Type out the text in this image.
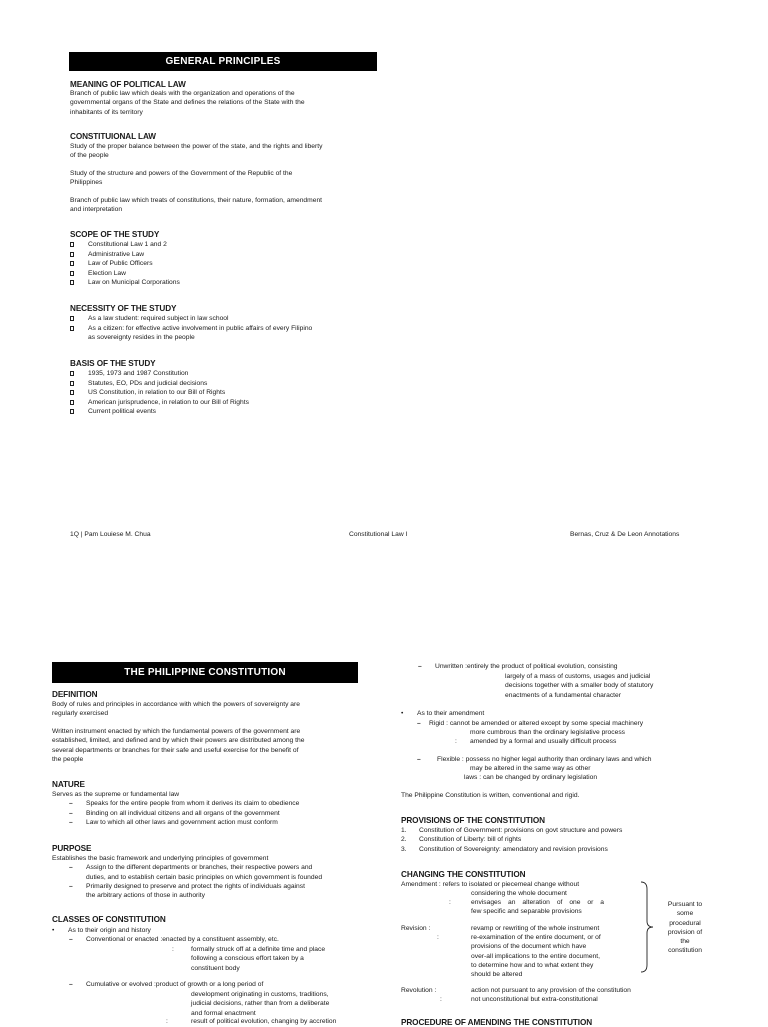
GENERAL PRINCIPLES
MEANING OF POLITICAL LAW
Branch of public law which deals with the organization and operations of the
governmental organs of the State and defines the relations of the State with the
inhabitants of its territory
CONSTITUIONAL LAW
Study of the proper balance between the power of the state, and the rights and liberty
of the people
Study of the structure and powers of the Government of the Republic of the
Philippines
Branch of public law which treats of constitutions, their nature, formation, amendment
and interpretation
SCOPE OF THE STUDY
Constitutional Law 1 and 2
Administrative Law
Law of Public Officers
Election Law
Law on Municipal Corporations
NECESSITY OF THE STUDY
As a law student: required subject in law school
As a citizen: for effective active involvement in public affairs of every Filipino
as sovereignty resides in the people
BASIS OF THE STUDY
1935, 1973 and 1987 Constitution
Statutes, EO, PDs and judicial decisions
US Constitution, in relation to our Bill of Rights
American jurisprudence, in relation to our Bill of Rights
Current political events
1Q | Pam Louiese M. Chua	Constitutional Law I	Bernas, Cruz & De Leon Annotations
THE PHILIPPINE CONSTITUTION
DEFINITION
Body of rules and principles in accordance with which the powers of sovereignty are
regularly exercised
Written instrument enacted by which the fundamental powers of the government are
established, limited, and defined and by which their powers are distributed among the
several departments or branches for their safe and useful exercise for the benefit of
the people
NATURE
Serves as the supreme or fundamental law
– Speaks for the entire people from whom it derives its claim to obedience
– Binding on all individual citizens and all organs of the government
– Law to which all other laws and government action must conform
PURPOSE
Establishes the basic framework and underlying principles of government
– Assign to the different departments or branches, their respective powers and
duties, and to establish certain basic principles on which government is founded
– Primarily designed to preserve and protect the rights of individuals against
the arbitrary actions of those in authority
CLASSES OF CONSTITUTION
• As to their origin and history
– Conventional or enacted :enacted by a constituent assembly, etc.
:	formally struck off at a definite time and place
following a conscious effort taken by a
constituent body
– Cumulative or evolved :product of growth or a long period of
development originating in customs, traditions,
judicial decisions, rather than from a deliberate
and formal enactment
:	result of political evolution, changing by accretion
– Unwritten :entirely the product of political evolution, consisting
largely of a mass of customs, usages and judicial
decisions together with a smaller body of statutory
enactments of a fundamental character
• As to their amendment
– Rigid : cannot be amended or altered except by some special machinery
more cumbrous than the ordinary legislative process
: amended by a formal and usually difficult process
– Flexible : possess no higher legal authority than ordinary laws and which
may be altered in the same way as other
laws : can be changed by ordinary legislation
The Philippine Constitution is written, conventional and rigid.
PROVISIONS OF THE CONSTITUTION
1. Constitution of Government: provisions on govt structure and powers
2. Constitution of Liberty: bill of rights
3. Constitution of Sovereignty: amendatory and revision provisions
CHANGING THE CONSTITUTION
Amendment : refers to isolated or piecemeal change without
considering the whole document
:	envisages an alteration of one or a
few specific and separable provisions
Revision :	revamp or rewriting of the whole instrument
:	re-examination of the entire document, or of
provisions of the document which have
over-all implications to the entire document,
to determine how and to what extent they
should be altered
Pursuant to
some
procedural
provision of
the
constitution
Revolution :	action not pursuant to any provision of the constitution
:	not unconstitutional but extra-constitutional
PROCEDURE OF AMENDING THE CONSTITUTION
